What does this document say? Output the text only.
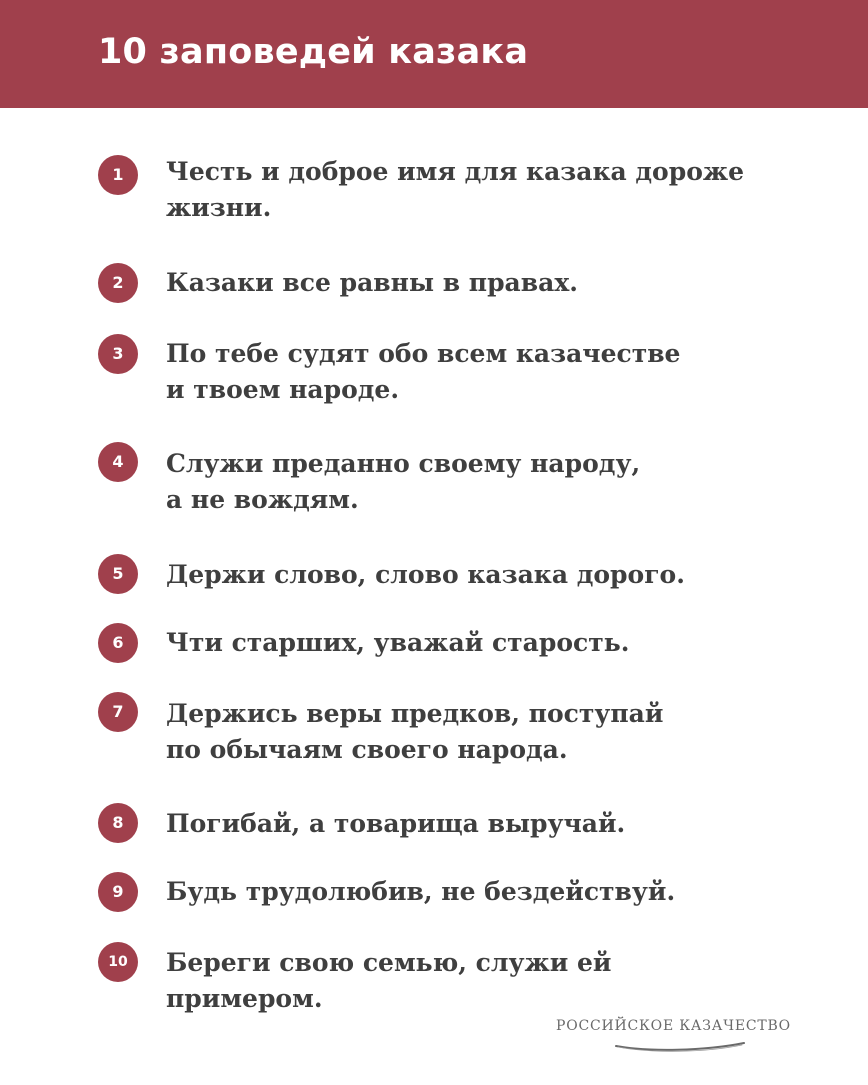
10 заповедей казака
1	Честь и доброе имя для казака дороже
жизни.
2	Казаки все равны в правах.
3	По тебе судят обо всем казачестве
и твоем народе.
4	Служи преданно своему народу,
а не вождям.
5	Держи слово, слово казака дорого.
6	Чти старших, уважай старость.
7	Держись веры предков, поступай
по обычаям своего народа.
8	Погибай, а товарища выручай.
9	Будь трудолюбив, не бездействуй.
10	Береги свою семью, служи ей
примером.
РОССИЙСКОЕ КАЗАЧЕСТВО
